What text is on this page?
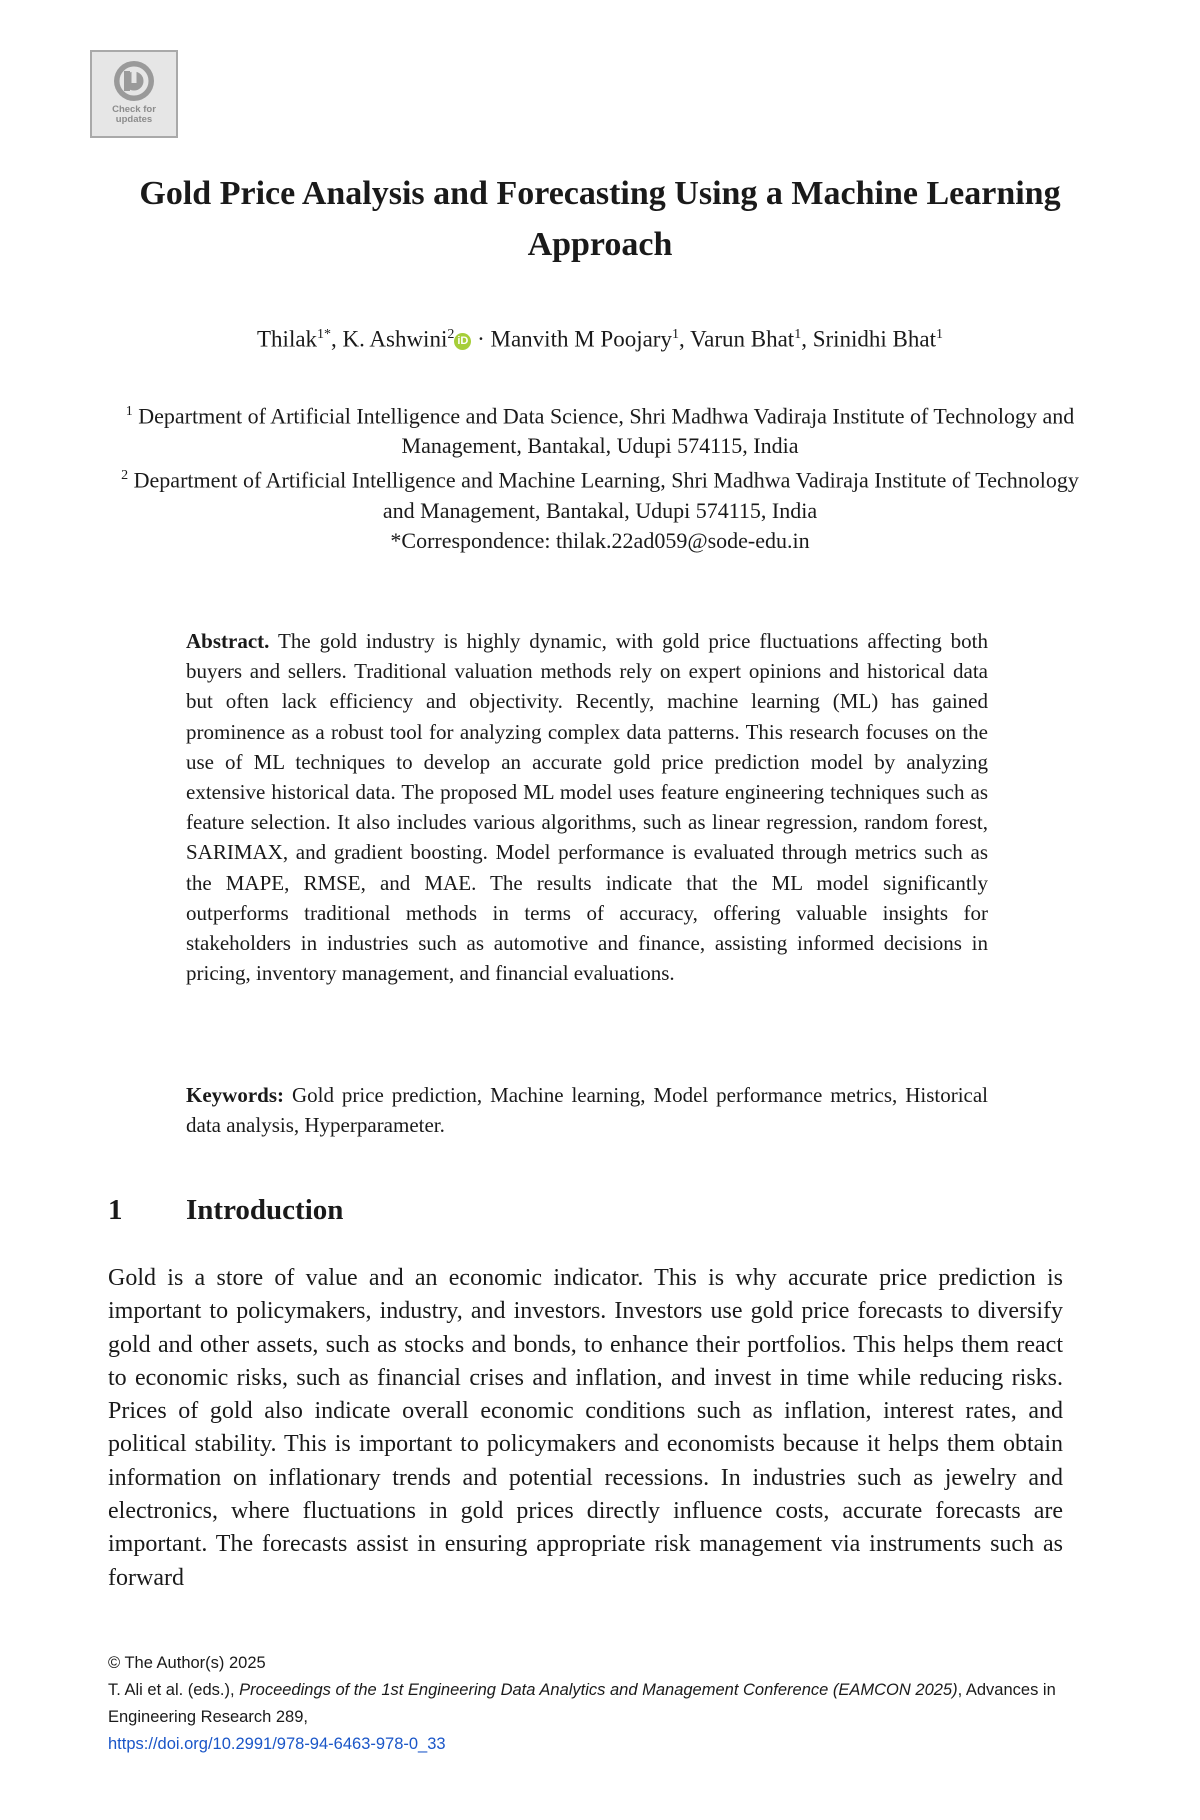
Check for updates
Gold Price Analysis and Forecasting Using a Machine Learning Approach
Thilak$^{1*}$, K. Ashwini$^2$ iD · Manvith M Poojary$^1$, Varun Bhat$^1$, Srinidhi Bhat$^1$

$^1$ Department of Artificial Intelligence and Data Science, Shri Madhwa Vadiraja Institute of Technology and Management, Bantakal, Udupi 574115, India

$^2$ Department of Artificial Intelligence and Machine Learning, Shri Madhwa Vadiraja Institute of Technology and Management, Bantakal, Udupi 574115, India

*Correspondence: thilak.22ad059@sode-edu.in

Abstract. The gold industry is highly dynamic, with gold price fluctuations affecting both buyers and sellers. Traditional valuation methods rely on expert opinions and historical data but often lack efficiency and objectivity. Recently, machine learning (ML) has gained prominence as a robust tool for analyzing complex data patterns. This research focuses on the use of ML techniques to develop an accurate gold price prediction model by analyzing extensive historical data. The proposed ML model uses feature engineering techniques such as feature selection. It also includes various algorithms, such as linear regression, random forest, SARIMAX, and gradient boosting. Model performance is evaluated through metrics such as the MAPE, RMSE, and MAE. The results indicate that the ML model significantly outperforms traditional methods in terms of accuracy, offering valuable insights for stakeholders in industries such as automotive and finance, assisting informed decisions in pricing, inventory management, and financial evaluations.

Keywords: Gold price prediction, Machine learning, Model performance metrics, Historical data analysis, Hyperparameter.

1 Introduction

Gold is a store of value and an economic indicator. This is why accurate price prediction is important to policymakers, industry, and investors. Investors use gold price forecasts to diversify gold and other assets, such as stocks and bonds, to enhance their portfolios. This helps them react to economic risks, such as financial crises and inflation, and invest in time while reducing risks. Prices of gold also indicate overall economic conditions such as inflation, interest rates, and political stability. This is important to policymakers and economists because it helps them obtain information on inflationary trends and potential recessions. In industries such as jewelry and electronics, where fluctuations in gold prices directly influence costs, accurate forecasts are important. The forecasts assist in ensuring appropriate risk management via instruments such as forward

© The Author(s) 2025

T. Ali et al. (eds.), Proceedings of the 1st Engineering Data Analytics and Management Conference (EAMCON 2025), Advances in Engineering Research 289,

https://doi.org/10.2991/978-94-6463-978-0_33
